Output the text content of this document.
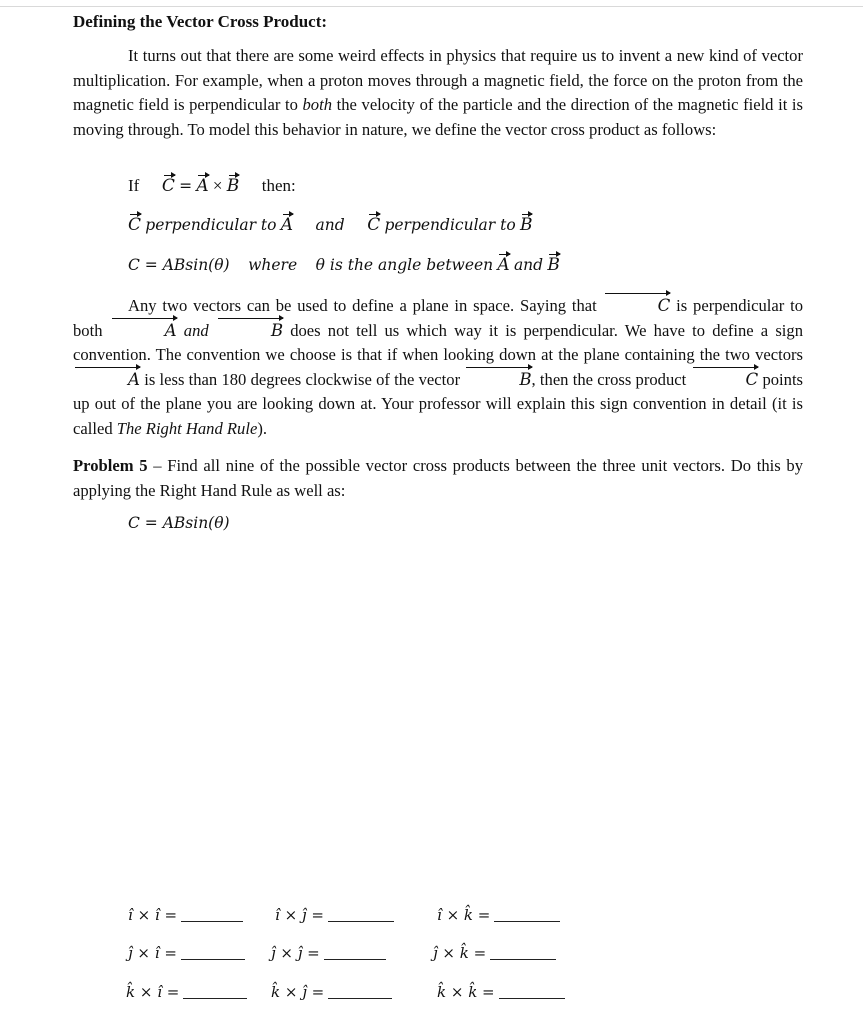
Defining the Vector Cross Product:
It turns out that there are some weird effects in physics that require us to invent a new kind of vector multiplication. For example, when a proton moves through a magnetic field, the force on the proton from the magnetic field is perpendicular to both the velocity of the particle and the direction of the magnetic field it is moving through. To model this behavior in nature, we define the vector cross product as follows:
If C = A × B then:
C perpendicular to A and C perpendicular to B
C = ABsin(θ) where θ is the angle between A and B
Any two vectors can be used to define a plane in space. Saying that	C is perpendicular to both	A and	B does not tell us which way it is perpendicular. We have to define a sign convention. The convention we choose is that if when looking down at the plane containing the two vectors A is less than 180 degrees clockwise of the vector	B, then the cross product	C points up out of the plane you are looking down at. Your professor will explain this sign convention in detail (it is called The Right Hand Rule).
Problem 5 – Find all nine of the possible vector cross products between the three unit vectors. Do this by applying the Right Hand Rule as well as:
C = ABsin(θ)
î × î =	î × ĵ =	î × k̂ =
ĵ × î =	ĵ × ĵ =	ĵ × k̂ =
k̂ × î =	k̂ × ĵ =	k̂ × k̂ =
